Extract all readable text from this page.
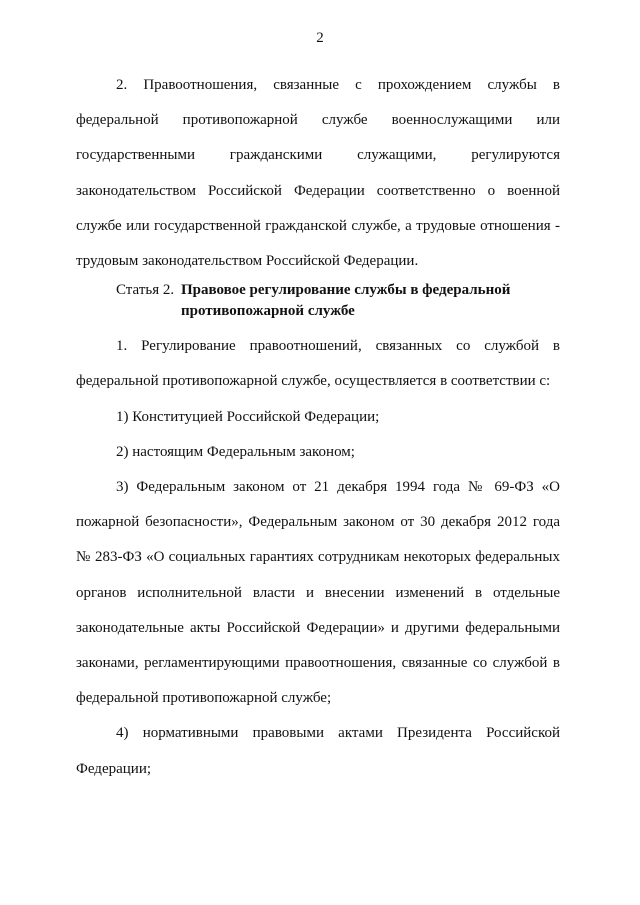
2

2. Правоотношения, связанные с прохождением службы в федеральной противопожарной службе военнослужащими или государственными гражданскими служащими, регулируются законодательством Российской Федерации соответственно о военной службе или государственной гражданской службе, а трудовые отношения - трудовым законодательством Российской Федерации.

Статья 2. Правовое регулирование службы в федеральной
противопожарной службе

1. Регулирование правоотношений, связанных со службой в федеральной противопожарной службе, осуществляется в соответствии с:

1) Конституцией Российской Федерации;

2) настоящим Федеральным законом;

3) Федеральным законом от 21 декабря 1994 года № 69-ФЗ «О пожарной безопасности», Федеральным законом от 30 декабря 2012 года № 283-ФЗ «О социальных гарантиях сотрудникам некоторых федеральных органов исполнительной власти и внесении изменений в отдельные законодательные акты Российской Федерации» и другими федеральными законами, регламентирующими правоотношения, связанные со службой в федеральной противопожарной службе;

4) нормативными правовыми актами Президента Российской Федерации;
